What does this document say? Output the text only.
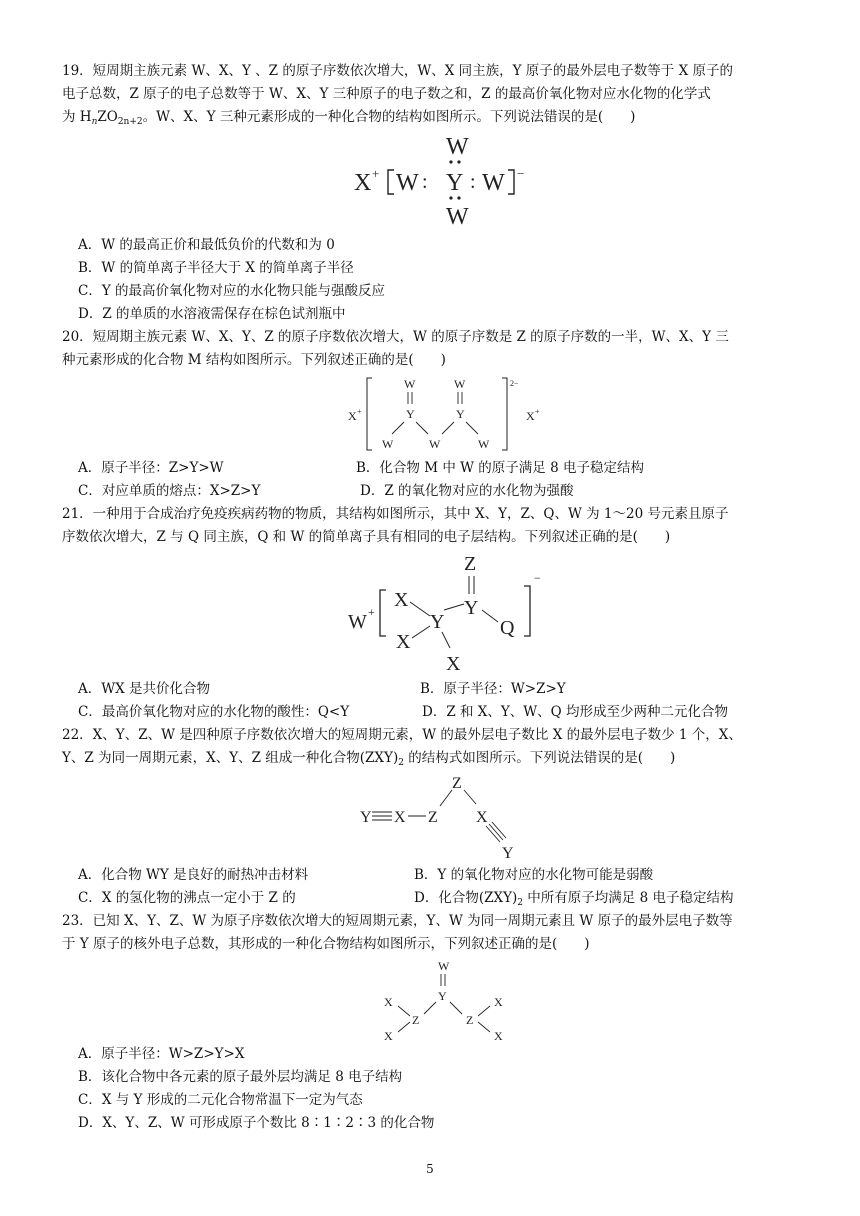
19．短周期主族元素 W、X、Y 、Z 的原子序数依次增大，W、X 同主族，Y 原子的最外层电子数等于 X 原子的
电子总数，Z 原子的电子总数等于 W、X、Y 三种原子的电子数之和，Z 的最高价氧化物对应水化物的化学式
为 $H_nZO_{2n+2}$。W、X、Y 三种元素形成的一种化合物的结构如图所示。下列说法错误的是(　　)
X + W : Y : W −
W
W
A．W 的最高正价和最低负价的代数和为 0
B．W 的简单离子半径大于 X 的简单离子半径
C．Y 的最高价氧化物对应的水化物只能与强酸反应
D．Z 的单质的水溶液需保存在棕色试剂瓶中
20．短周期主族元素 W、X、Y、Z 的原子序数依次增大，W 的原子序数是 Z 的原子序数的一半，W、X、Y 三
种元素形成的化合物 M 结构如图所示。下列叙述正确的是(　　)
X +
W	W
Y	Y
W	W	W
2−
X +
A．原子半径：Z>Y>W	B．化合物 M 中 W 的原子满足 8 电子稳定结构
C．对应单质的熔点：X>Z>Y	D．Z 的氧化物对应的水化物为强酸
21．一种用于合成治疗免疫疾病药物的物质，其结构如图所示，其中 X、Y，Z、Q、W 为 1～20 号元素且原子
序数依次增大，Z 与 Q 同主族，Q 和 W 的简单离子具有相同的电子层结构。下列叙述正确的是(　　)
W +
X
X
Y
X
Y
Z
Q
−
A．WX 是共价化合物	B．原子半径：W>Z>Y
C．最高价氧化物对应的水化物的酸性：Q<Y	D．Z 和 X、Y、W、Q 均形成至少两种二元化合物
22．X、Y、Z、W 是四种原子序数依次增大的短周期元素，W 的最外层电子数比 X 的最外层电子数少 1 个，X、
Y、Z 为同一周期元素，X、Y、Z 组成一种化合物$(ZXY)_2$ 的结构式如图所示。下列说法错误的是(　　)
Y X Z
Z
X
Y
A．化合物 WY 是良好的耐热冲击材料	B．Y 的氧化物对应的水化物可能是弱酸
C．X 的氢化物的沸点一定小于 Z 的	D．化合物$(ZXY)_2$ 中所有原子均满足 8 电子稳定结构
23．已知 X、Y、Z、W 为原子序数依次增大的短周期元素，Y、W 为同一周期元素且 W 原子的最外层电子数等
于 Y 原子的核外电子总数，其形成的一种化合物结构如图所示，下列叙述正确的是(　　)
W
Y
Z	Z
X
X
X
X
A．原子半径：W>Z>Y>X
B．该化合物中各元素的原子最外层均满足 8 电子结构
C．X 与 Y 形成的二元化合物常温下一定为气态
D．X、Y、Z、W 可形成原子个数比 8∶1∶2∶3 的化合物
5
